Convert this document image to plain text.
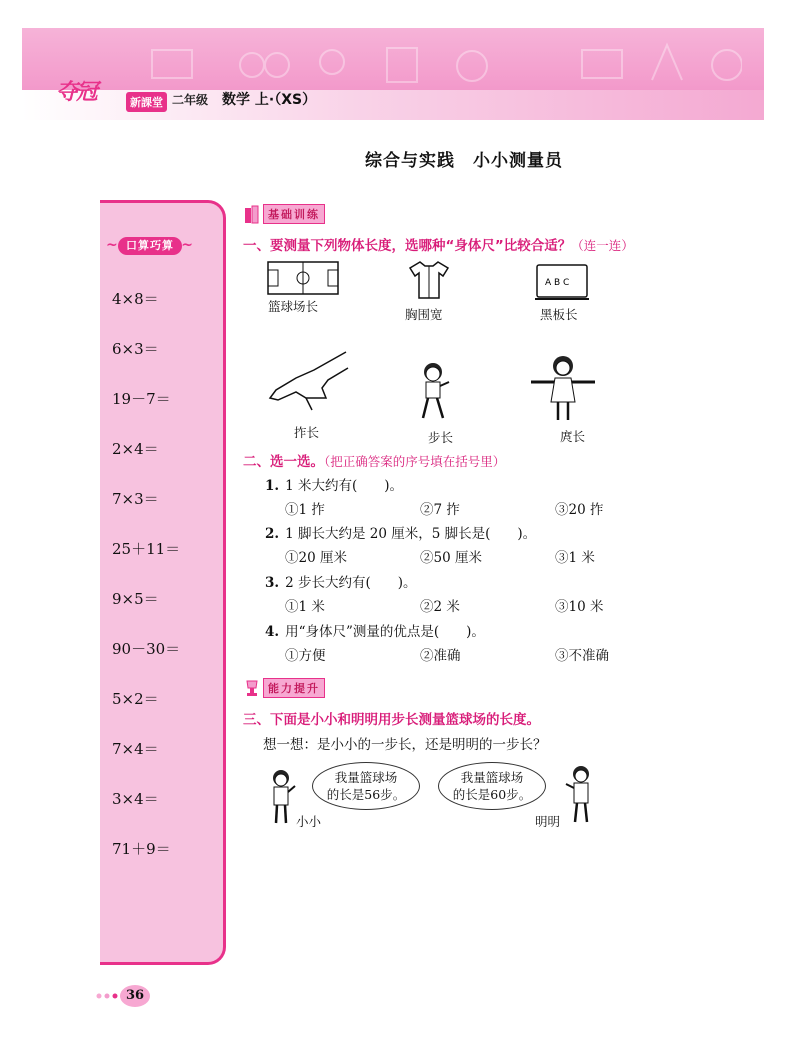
夺冠	新課堂 二年级 数学 上·（XS）
综合与实践　小小测量员
~ 口算巧算 ~
4×8＝
6×3＝
19－7＝
2×4＝
7×3＝
25＋11＝
9×5＝
90－30＝
5×2＝
7×4＝
3×4＝
71＋9＝
基础训练
一、要测量下列物体长度，选哪种“身体尺”比较合适？（连一连）
篮球场长
胸围宽
A B C
黑板长
拃长	步长	庹长
二、选一选。（把正确答案的序号填在括号里）
1. 1 米大约有(　　)。
①1 拃	②7 拃	③20 拃
2. 1 脚长大约是 20 厘米，5 脚长是(　　)。
①20 厘米	②50 厘米	③1 米
3. 2 步长大约有(　　)。
①1 米	②2 米	③10 米
4. 用“身体尺”测量的优点是(　　)。
①方便	②准确	③不准确
能力提升
三、下面是小小和明明用步长测量篮球场的长度。
想一想：是小小的一步长，还是明明的一步长？
我量篮球场
的长是56步。
小小
我量篮球场
的长是60步。
明明
36
